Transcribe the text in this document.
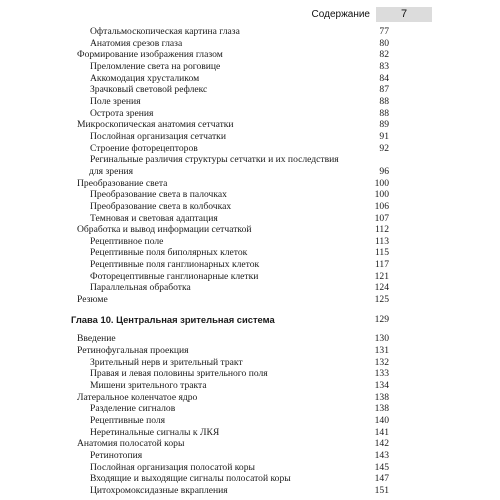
Содержание	7
Офтальмоскопическая картина глаза	77
Анатомия срезов глаза	80
Формирование изображения глазом	82
Преломление света на роговице	83
Аккомодация хрусталиком	84
Зрачковый световой рефлекс	87
Поле зрения	88
Острота зрения	88
Микроскопическая анатомия сетчатки	89
Послойная организация сетчатки	91
Строение фоторецепторов	92
Регинальные различия структуры сетчатки и их последствия
для зрения	96
Преобразование света	100
Преобразование света в палочках	100
Преобразование света в колбочках	106
Темновая и световая адаптация	107
Обработка и вывод информации сетчаткой	112
Рецептивное поле	113
Рецептивные поля биполярных клеток	115
Рецептивные поля ганглионарных клеток	117
Фоторецептивные ганглионарные клетки	121
Параллельная обработка	124
Резюме	125
Глава 10. Центральная зрительная система	129
Введение	130
Ретинофугальная проекция	131
Зрительный нерв и зрительный тракт	132
Правая и левая половины зрительного поля	133
Мишени зрительного тракта	134
Латеральное коленчатое ядро	138
Разделение сигналов	138
Рецептивные поля	140
Неретинальные сигналы к ЛКЯ	141
Анатомия полосатой коры	142
Ретинотопия	143
Послойная организация полосатой коры	145
Входящие и выходящие сигналы полосатой коры	147
Цитохромоксидазные вкрапления	151
